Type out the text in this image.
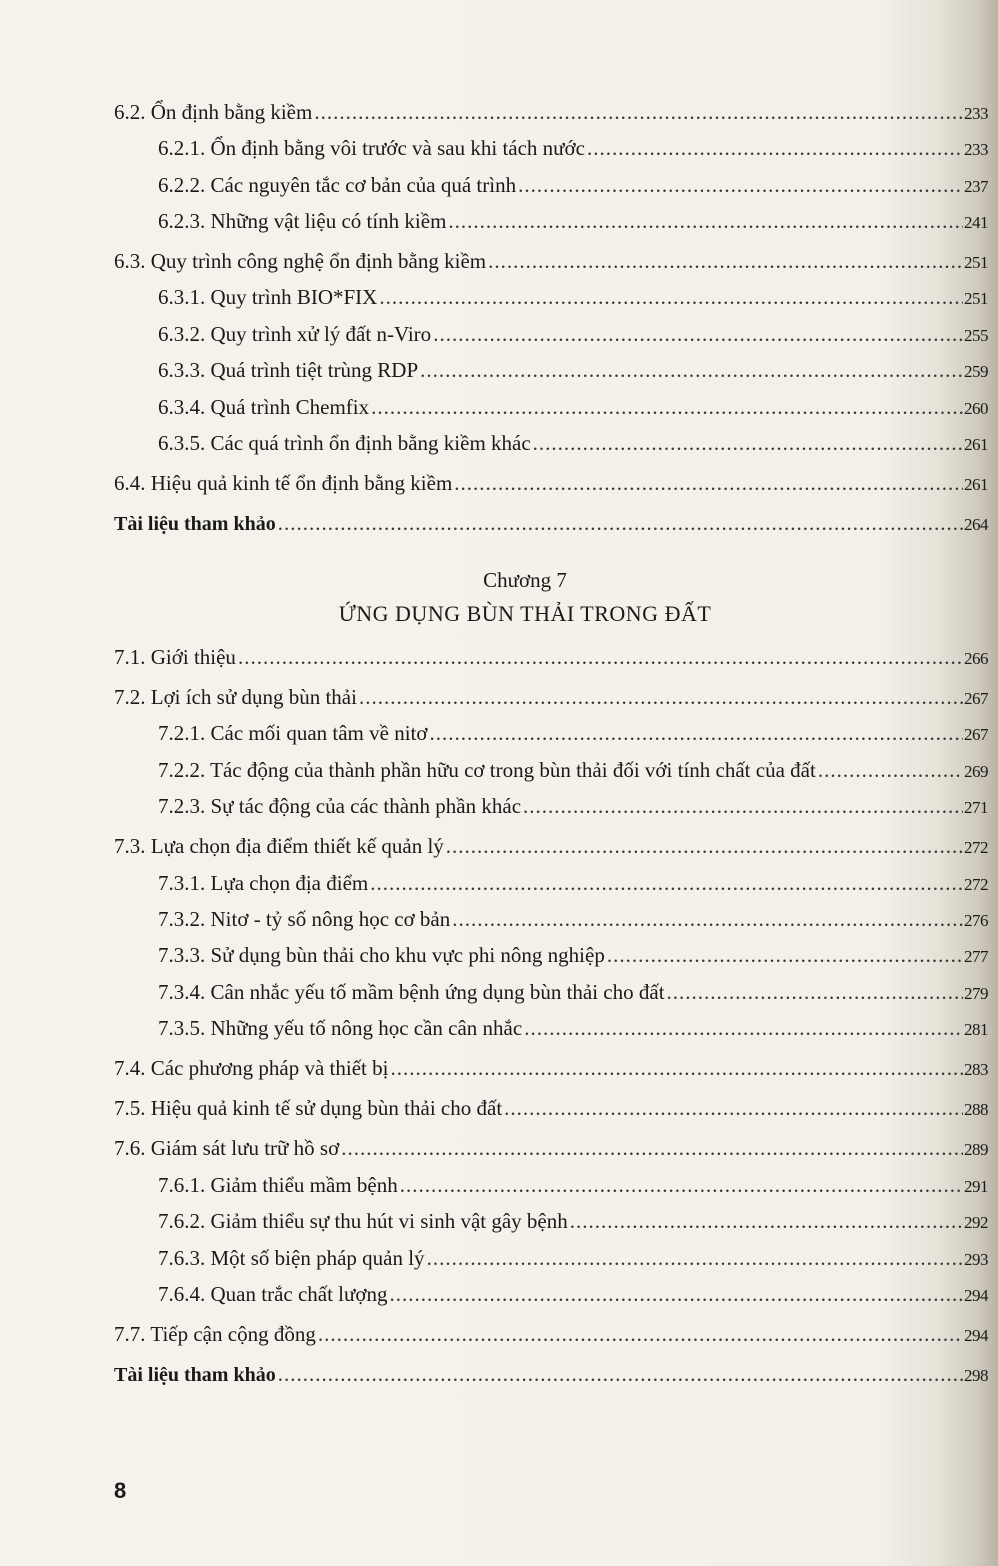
6.2. Ổn định bằng kiềm .....	233
6.2.1. Ổn định bằng vôi trước và sau khi tách nước .....	233
6.2.2. Các nguyên tắc cơ bản của quá trình .....	237
6.2.3. Những vật liệu có tính kiềm .....	241
6.3. Quy trình công nghệ ổn định bằng kiềm .....	251
6.3.1. Quy trình BIO*FIX .....	251
6.3.2. Quy trình xử lý đất n-Viro .....	255
6.3.3. Quá trình tiệt trùng RDP .....	259
6.3.4. Quá trình Chemfix .....	260
6.3.5. Các quá trình ổn định bằng kiềm khác .....	261
6.4. Hiệu quả kinh tế ổn định bằng kiềm .....	261
Tài liệu tham khảo .....	264
7.1. Giới thiệu .....	266
7.2. Lợi ích sử dụng bùn thải .....	267
7.2.1. Các mối quan tâm về nitơ .....	267
7.2.2. Tác động của thành phần hữu cơ trong bùn thải đối với tính chất của đất .....	269
7.2.3. Sự tác động của các thành phần khác .....	271
7.3. Lựa chọn địa điểm thiết kế quản lý .....	272
7.3.1. Lựa chọn địa điểm .....	272
7.3.2. Nitơ - tỷ số nông học cơ bản .....	276
7.3.3. Sử dụng bùn thải cho khu vực phi nông nghiệp .....	277
7.3.4. Cân nhắc yếu tố mầm bệnh ứng dụng bùn thải cho đất .....	279
7.3.5. Những yếu tố nông học cần cân nhắc .....	281
7.4. Các phương pháp và thiết bị .....	283
7.5. Hiệu quả kinh tế sử dụng bùn thải cho đất .....	288
7.6. Giám sát lưu trữ hồ sơ .....	289
7.6.1. Giảm thiểu mầm bệnh .....	291
7.6.2. Giảm thiểu sự thu hút vi sinh vật gây bệnh .....	292
7.6.3. Một số biện pháp quản lý .....	293
7.6.4. Quan trắc chất lượng .....	294
7.7. Tiếp cận cộng đồng .....	294
Tài liệu tham khảo .....	298
Chương 7
ỨNG DỤNG BÙN THẢI TRONG ĐẤT
8
